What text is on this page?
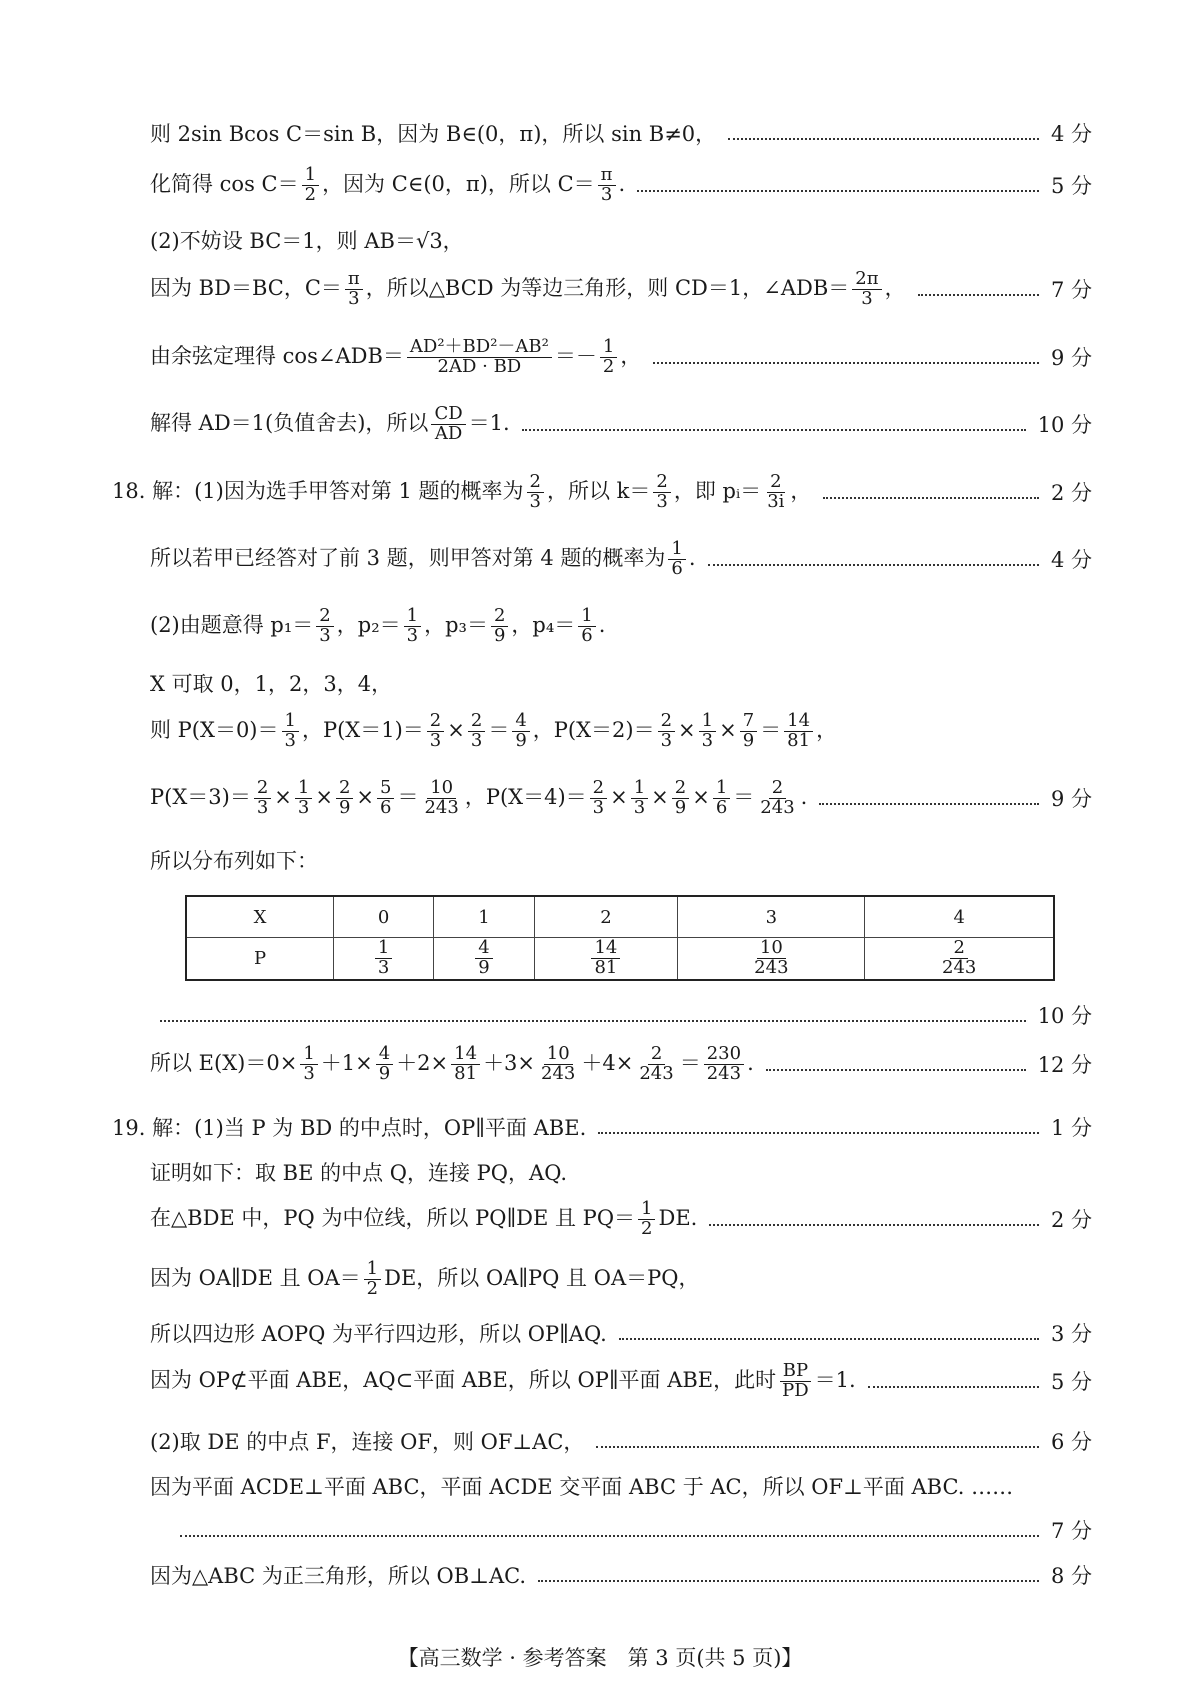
则 2sin Bcos C＝sin B，因为 B∈(0，π)，所以 sin B≠0，	4 分
化简得 $\cos C= \frac{1}{2}$ ，因为 C∈(0，π)，所以 $C= \frac{\pi}{3}$ .	5 分
(2)不妨设 BC＝1，则 AB＝√3，
因为 BD＝BC，$C= \frac{\pi}{3}$ ，所以△BCD 为等边三角形，则 CD＝1，∠ADB＝ $\frac{2\pi}{3}$ ，	7 分
由余弦定理得 cos∠ADB＝ $\frac{\text{AD²＋BD²－AB²}}{2AD \cdot BD} =- \frac{1}{2}$ ，	9 分
解得 AD＝1(负值舍去)，所以 $\frac{CD}{AD} =1$.	10 分
18. 解：(1)因为选手甲答对第 1 题的概率为 $\frac{2}{3}$ ，所以 $k= \frac{2}{3}$ ，即 pᵢ＝ $\frac{2}{3i}$ ，	2 分
所以若甲已经答对了前 3 题，则甲答对第 4 题的概率为 $\frac{1}{6}$ .	4 分
(2)由题意得 $p_1= \frac{2}{3}$ ，$p_2= \frac{1}{3}$ ，$p_3= \frac{2}{9}$ ，$p_4= \frac{1}{6}$ .
X 可取 0，1，2，3，4，
则 $P(X=0)= \frac{1}{3}$ ，$P(X=1)= \frac{2}{3} \times \frac{2}{3} = \frac{4}{9}$ ，$P(X=2)= \frac{2}{3} \times \frac{1}{3} \times \frac{7}{9} = \frac{14}{81}$ ，
$P(X=3)= \frac{2}{3} \times \frac{1}{3} \times \frac{2}{9} \times \frac{5}{6} = \frac{10}{243}$ ，$P(X=4)= \frac{2}{3} \times \frac{1}{3} \times \frac{2}{9} \times \frac{1}{6} = \frac{2}{243}$ .	9 分
所以分布列如下：
X	0	1	2	3	4
P	$\frac{1}{3}$	$\frac{4}{9}$	$\frac{14}{81}$	$\frac{10}{243}$	$\frac{2}{243}$
10 分
所以 $E(X)=0\times \frac{1}{3} +1\times \frac{4}{9} +2\times \frac{14}{81} +3\times \frac{10}{243} +4\times \frac{2}{243} = \frac{230}{243}$ .	12 分
19. 解：(1)当 P 为 BD 的中点时，OP∥平面 ABE.	1 分
证明如下：取 BE 的中点 Q，连接 PQ，AQ.
在△BDE 中，PQ 为中位线，所以 PQ∥DE 且 $PQ= \frac{1}{2}$ DE.	2 分
因为 OA∥DE 且 $OA= \frac{1}{2}$ DE，所以 OA∥PQ 且 OA＝PQ，
所以四边形 AOPQ 为平行四边形，所以 OP∥AQ.	3 分
因为 OP⊄平面 ABE，AQ⊂平面 ABE，所以 OP∥平面 ABE，此时 $\frac{BP}{PD} =1$.	5 分
(2)取 DE 的中点 F，连接 OF，则 OF⊥AC，	6 分
因为平面 ACDE⊥平面 ABC，平面 ACDE 交平面 ABC 于 AC，所以 OF⊥平面 ABC. ……
7 分
因为△ABC 为正三角形，所以 OB⊥AC.	8 分
【高三数学 · 参考答案　第 3 页(共 5 页)】
